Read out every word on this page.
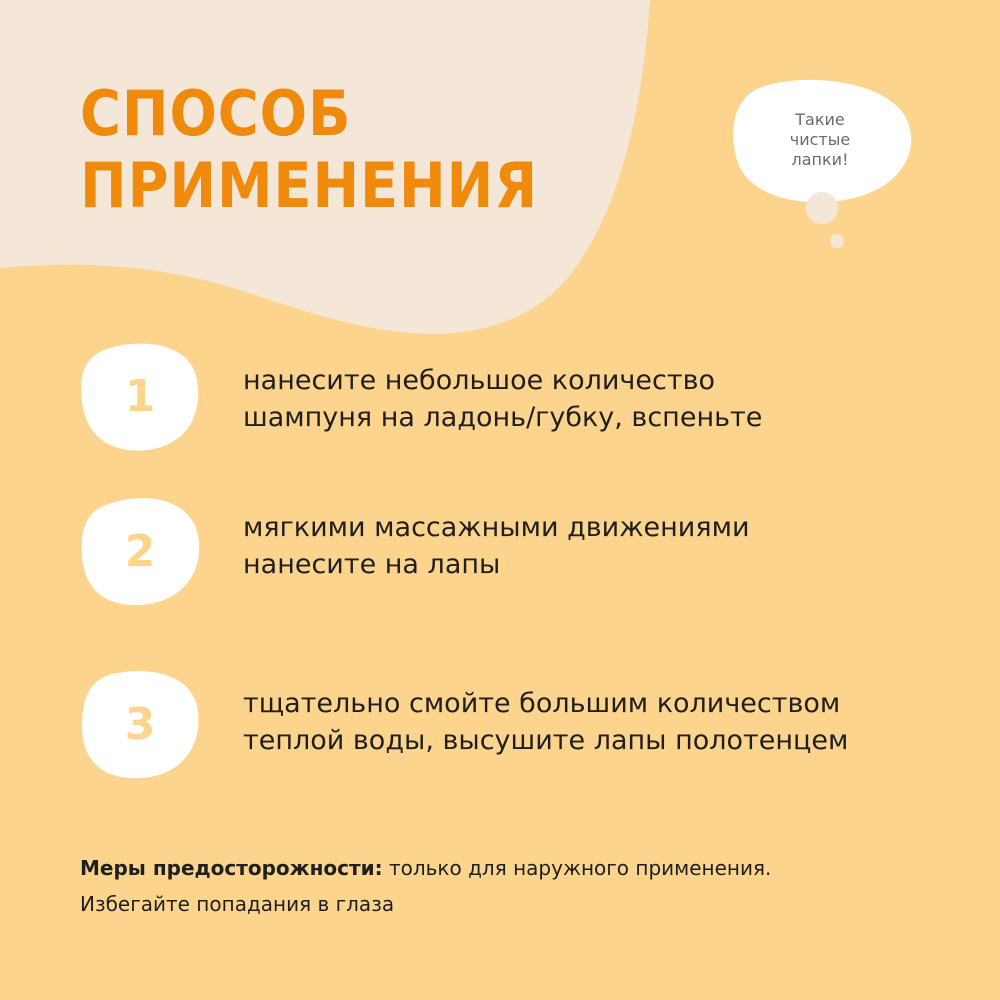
СПОСОБ
ПРИМЕНЕНИЯ
Такие
чистые
лапки!
1	нанесите небольшое количество
шампуня на ладонь/губку, вспеньте

2	мягкими массажными движениями
нанесите на лапы

3	тщательно смойте большим количеством
теплой воды, высушите лапы полотенцем

Меры предосторожности: только для наружного применения.
Избегайте попадания в глаза
